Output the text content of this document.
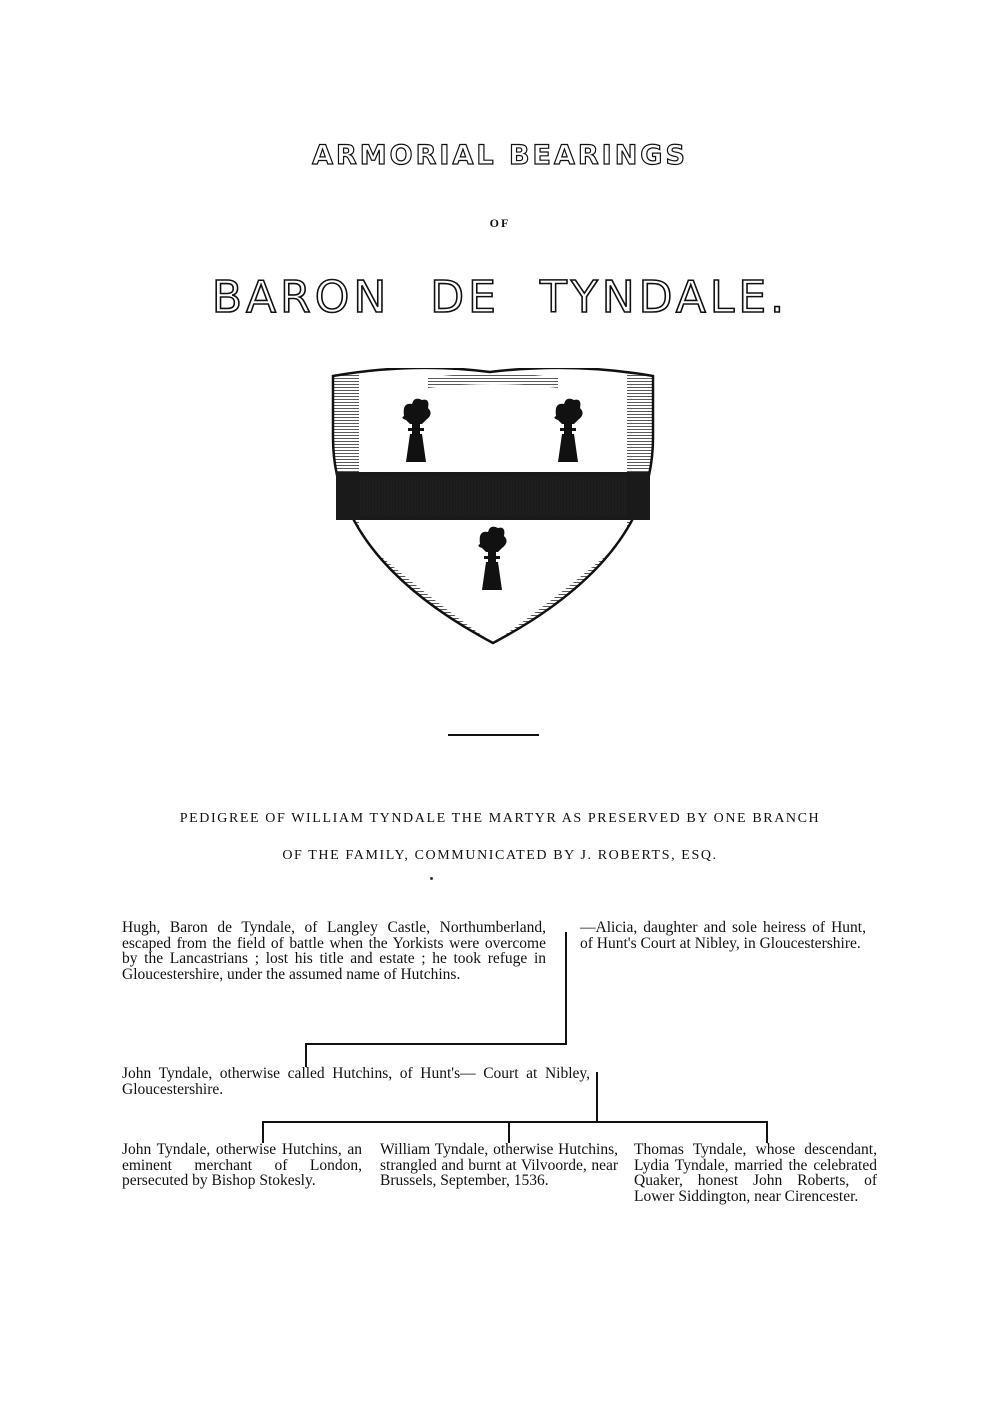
ARMORIAL BEARINGS
OF
BARON DE TYNDALE.
PEDIGREE OF WILLIAM TYNDALE THE MARTYR AS PRESERVED BY ONE BRANCH
OF THE FAMILY, COMMUNICATED BY J. ROBERTS, ESQ.
Hugh, Baron de Tyndale, of Langley Castle, Northumberland, escaped from the field of battle when the Yorkists were overcome by the Lancastrians ; lost his title and estate ; he took refuge in Gloucestershire, under the assumed name of Hutchins.
—Alicia, daughter and sole heiress of Hunt, of Hunt's Court at Nibley, in Gloucestershire.
John Tyndale, otherwise called Hutchins, of Hunt's— Court at Nibley, Gloucestershire.
John Tyndale, otherwise Hutchins, an eminent merchant of London, persecuted by Bishop Stokesly.
William Tyndale, otherwise Hutchins, strangled and burnt at Vilvoorde, near Brussels, September, 1536.
Thomas Tyndale, whose descendant, Lydia Tyndale, married the celebrated Quaker, honest John Roberts, of Lower Siddington, near Cirencester.
